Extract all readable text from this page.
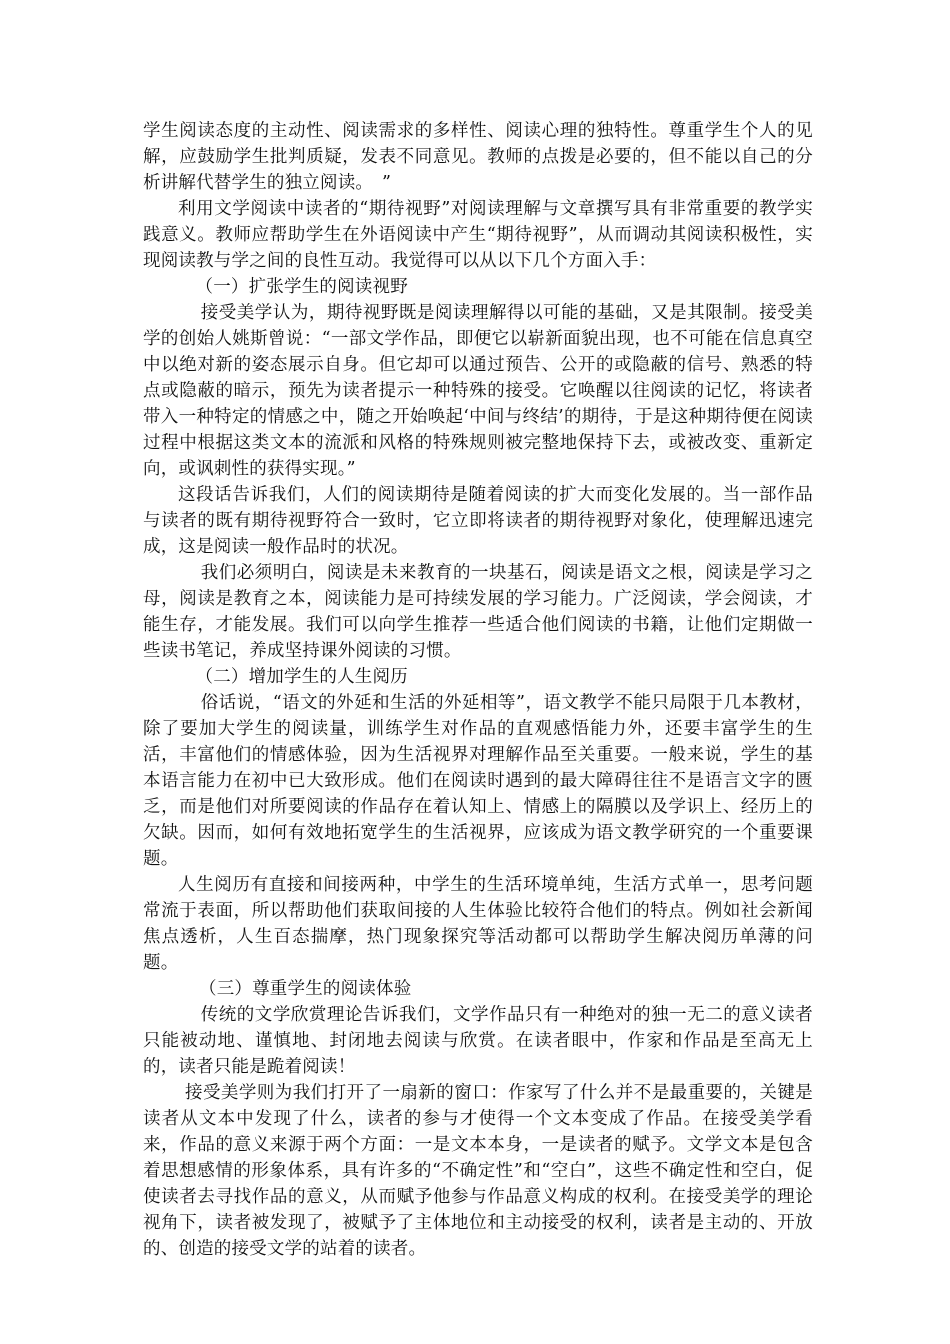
学生阅读态度的主动性、阅读需求的多样性、阅读心理的独特性。尊重学生个人的见解，应鼓励学生批判质疑，发表不同意见。教师的点拨是必要的，但不能以自己的分析讲解代替学生的独立阅读。　”

利用文学阅读中读者的“期待视野”对阅读理解与文章撰写具有非常重要的教学实践意义。教师应帮助学生在外语阅读中产生“期待视野”，从而调动其阅读积极性，实现阅读教与学之间的良性互动。我觉得可以从以下几个方面入手：

（一）扩张学生的阅读视野

接受美学认为，期待视野既是阅读理解得以可能的基础，又是其限制。接受美学的创始人姚斯曾说：“一部文学作品，即便它以崭新面貌出现，也不可能在信息真空中以绝对新的姿态展示自身。但它却可以通过预告、公开的或隐蔽的信号、熟悉的特点或隐蔽的暗示，预先为读者提示一种特殊的接受。它唤醒以往阅读的记忆，将读者带入一种特定的情感之中，随之开始唤起‘中间与终结’的期待，于是这种期待便在阅读过程中根据这类文本的流派和风格的特殊规则被完整地保持下去，或被改变、重新定向，或讽刺性的获得实现。”

这段话告诉我们，人们的阅读期待是随着阅读的扩大而变化发展的。当一部作品与读者的既有期待视野符合一致时，它立即将读者的期待视野对象化，使理解迅速完成，这是阅读一般作品时的状况。

我们必须明白，阅读是未来教育的一块基石，阅读是语文之根，阅读是学习之母，阅读是教育之本，阅读能力是可持续发展的学习能力。广泛阅读，学会阅读，才能生存，才能发展。我们可以向学生推荐一些适合他们阅读的书籍，让他们定期做一些读书笔记，养成坚持课外阅读的习惯。

（二）增加学生的人生阅历

俗话说，“语文的外延和生活的外延相等”，语文教学不能只局限于几本教材，除了要加大学生的阅读量，训练学生对作品的直观感悟能力外，还要丰富学生的生活，丰富他们的情感体验，因为生活视界对理解作品至关重要。一般来说，学生的基本语言能力在初中已大致形成。他们在阅读时遇到的最大障碍往往不是语言文字的匮乏，而是他们对所要阅读的作品存在着认知上、情感上的隔膜以及学识上、经历上的欠缺。因而，如何有效地拓宽学生的生活视界，应该成为语文教学研究的一个重要课题。

人生阅历有直接和间接两种，中学生的生活环境单纯，生活方式单一，思考问题常流于表面，所以帮助他们获取间接的人生体验比较符合他们的特点。例如社会新闻焦点透析，人生百态揣摩，热门现象探究等活动都可以帮助学生解决阅历单薄的问题。

（三）尊重学生的阅读体验

传统的文学欣赏理论告诉我们，文学作品只有一种绝对的独一无二的意义读者只能被动地、谨慎地、封闭地去阅读与欣赏。在读者眼中，作家和作品是至高无上的，读者只能是跪着阅读！

接受美学则为我们打开了一扇新的窗口：作家写了什么并不是最重要的，关键是读者从文本中发现了什么，读者的参与才使得一个文本变成了作品。在接受美学看来，作品的意义来源于两个方面：一是文本本身，一是读者的赋予。文学文本是包含着思想感情的形象体系，具有许多的“不确定性”和“空白”，这些不确定性和空白，促使读者去寻找作品的意义，从而赋予他参与作品意义构成的权利。在接受美学的理论视角下，读者被发现了，被赋予了主体地位和主动接受的权利，读者是主动的、开放的、创造的接受文学的站着的读者。
